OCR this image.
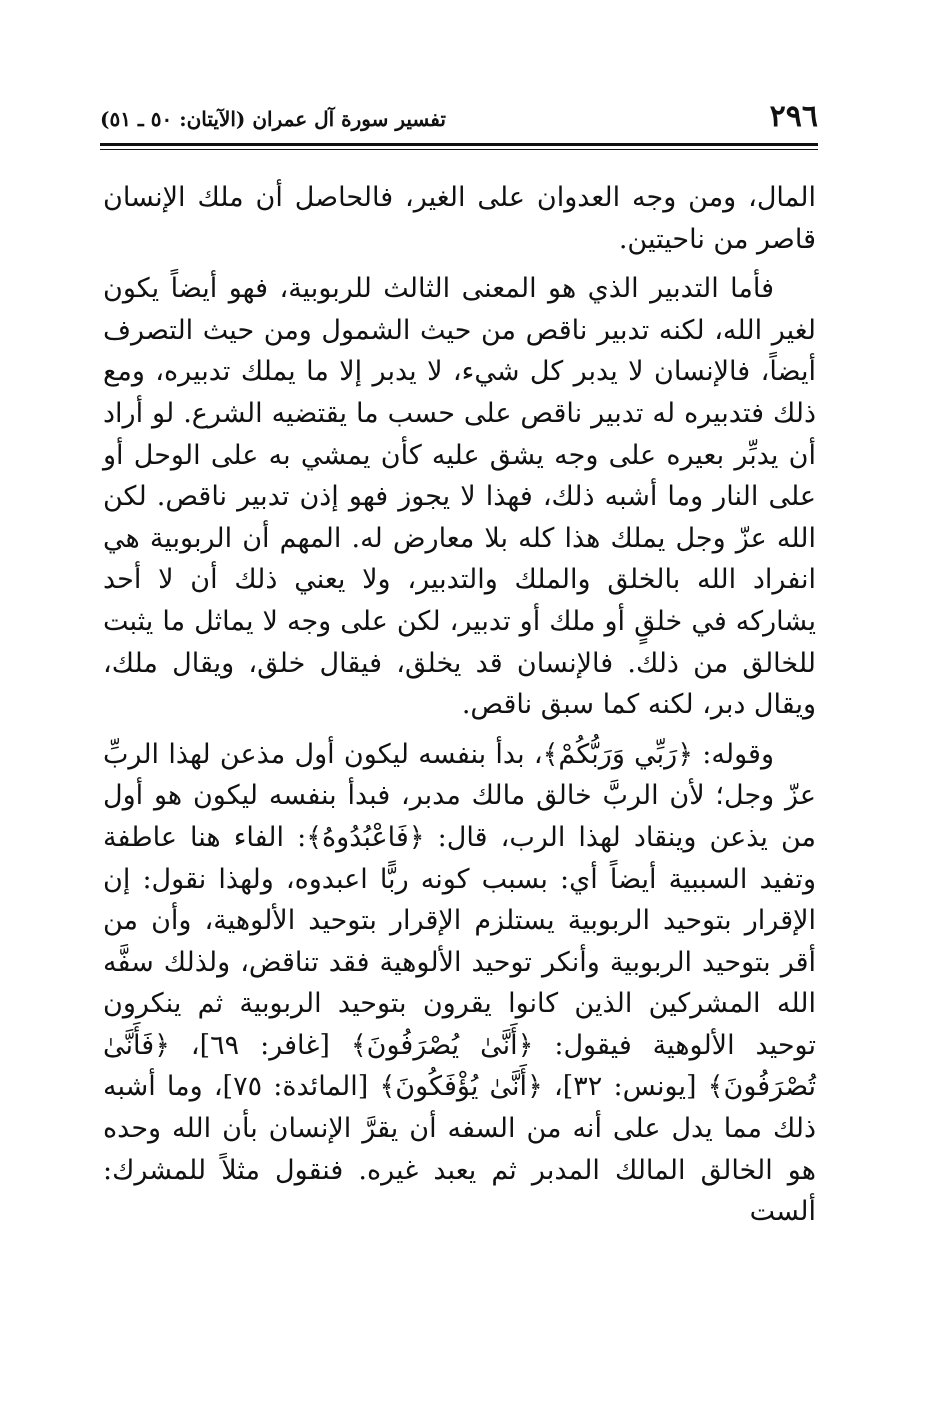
٢٩٦
تفسير سورة آل عمران (الآيتان: ٥٠ ـ ٥١)

المال، ومن وجه العدوان على الغير، فالحاصل أن ملك الإنسان قاصر من ناحيتين.

فأما التدبير الذي هو المعنى الثالث للربوبية، فهو أيضاً يكون لغير الله، لكنه تدبير ناقص من حيث الشمول ومن حيث التصرف أيضاً، فالإنسان لا يدبر كل شيء، لا يدبر إلا ما يملك تدبيره، ومع ذلك فتدبيره له تدبير ناقص على حسب ما يقتضيه الشرع. لو أراد أن يدبِّر بعيره على وجه يشق عليه كأن يمشي به على الوحل أو على النار وما أشبه ذلك، فهذا لا يجوز فهو إذن تدبير ناقص. لكن الله عزّ وجل يملك هذا كله بلا معارض له. المهم أن الربوبية هي انفراد الله بالخلق والملك والتدبير، ولا يعني ذلك أن لا أحد يشاركه في خلقٍ أو ملك أو تدبير، لكن على وجه لا يماثل ما يثبت للخالق من ذلك. فالإنسان قد يخلق، فيقال خلق، ويقال ملك، ويقال دبر، لكنه كما سبق ناقص.

وقوله: ﴿رَبِّي وَرَبُّكُمْ﴾، بدأ بنفسه ليكون أول مذعن لهذا الربِّ عزّ وجل؛ لأن الربَّ خالق مالك مدبر، فبدأ بنفسه ليكون هو أول من يذعن وينقاد لهذا الرب، قال: ﴿فَاعْبُدُوهُ﴾: الفاء هنا عاطفة وتفيد السببية أيضاً أي: بسبب كونه ربًّا اعبدوه، ولهذا نقول: إن الإقرار بتوحيد الربوبية يستلزم الإقرار بتوحيد الألوهية، وأن من أقر بتوحيد الربوبية وأنكر توحيد الألوهية فقد تناقض، ولذلك سفَّه الله المشركين الذين كانوا يقرون بتوحيد الربوبية ثم ينكرون توحيد الألوهية فيقول: ﴿أَنَّىٰ يُصْرَفُونَ﴾ [غافر: ٦٩]، ﴿فَأَنَّىٰ تُصْرَفُونَ﴾ [يونس: ٣٢]، ﴿أَنَّىٰ يُؤْفَكُونَ﴾ [المائدة: ٧٥]، وما أشبه ذلك مما يدل على أنه من السفه أن يقرَّ الإنسان بأن الله وحده هو الخالق المالك المدبر ثم يعبد غيره. فنقول مثلاً للمشرك: ألست
